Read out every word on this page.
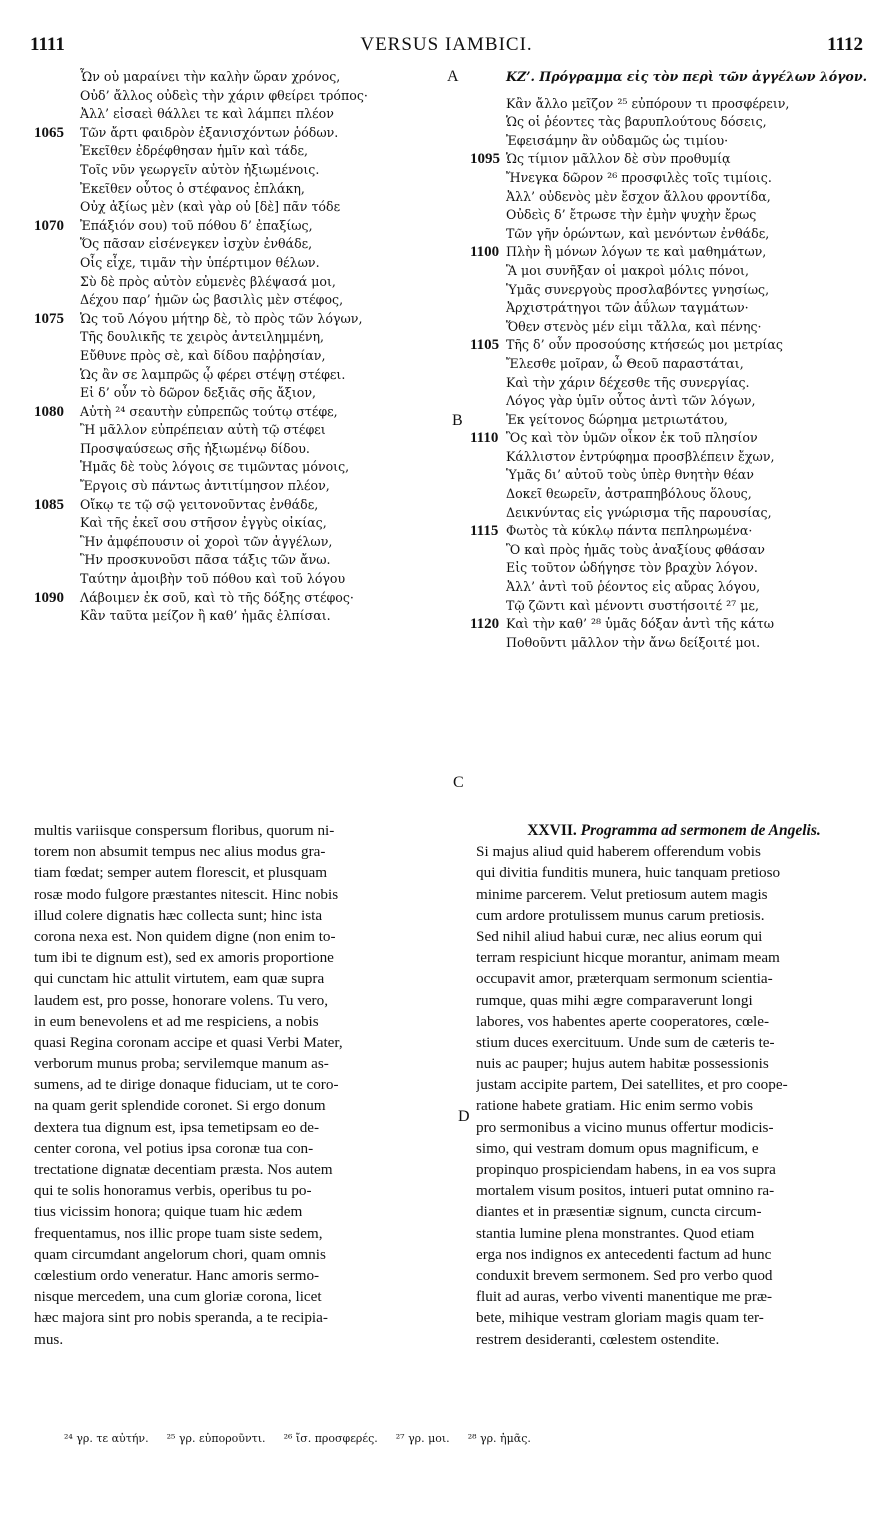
1111	VERSUS IAMBICI.	1112
Ὧν οὐ μαραίνει τὴν καλὴν ὥραν χρόνος,
Οὐδ’ ἄλλος οὐδεὶς τὴν χάριν φθείρει τρόπος·
Ἀλλ’ εἰσαεὶ θάλλει τε καὶ λάμπει πλέον
1065	Τῶν ἄρτι φαιδρὸν ἐξανισχόντων ῥόδων.
Ἐκεῖθεν ἐδρέφθησαν ἡμῖν καὶ τάδε,
Τοῖς νῦν γεωργεῖν αὐτὸν ἠξιωμένοις.
Ἐκεῖθεν οὗτος ὁ στέφανος ἐπλάκη,
Οὐχ ἀξίως μὲν (καὶ γὰρ οὐ [δὲ] πᾶν τόδε
1070	Ἐπάξιόν σου) τοῦ πόθου δ’ ἐπαξίως,
Ὅς πᾶσαν εἰσένεγκεν ἰσχὺν ἐνθάδε,
Οἷς εἶχε, τιμᾶν τὴν ὑπέρτιμον θέλων.
Σὺ δὲ πρὸς αὐτὸν εὐμενὲς βλέψασά μοι,
Δέχου παρ’ ἡμῶν ὡς βασιλὶς μὲν στέφος,
1075	Ὡς τοῦ Λόγου μήτηρ δὲ, τὸ πρὸς τῶν λόγων,
Τῆς δουλικῆς τε χειρὸς ἀντειλημμένη,
Εὔθυνε πρὸς σὲ, καὶ δίδου παῤῥησίαν,
Ὡς ἂν σε λαμπρῶς ᾧ φέρει στέψῃ στέφει.
Εἰ δ’ οὖν τὸ δῶρον δεξιᾶς σῆς ἄξιον,
1080	Αὐτὴ ²⁴ σεαυτὴν εὐπρεπῶς τούτῳ στέφε,
Ἢ μᾶλλον εὐπρέπειαν αὐτὴ τῷ στέφει
Προσψαύσεως σῆς ἠξιωμένῳ δίδου.
Ἡμᾶς δὲ τοὺς λόγοις σε τιμῶντας μόνοις,
Ἔργοις σὺ πάντως ἀντιτίμησον πλέον,
1085	Οἴκῳ τε τῷ σῷ γειτονοῦντας ἐνθάδε,
Καὶ τῆς ἐκεῖ σου στῆσον ἐγγὺς οἰκίας,
Ἣν ἀμφέπουσιν οἱ χοροὶ τῶν ἀγγέλων,
Ἣν προσκυνοῦσι πᾶσα τάξις τῶν ἄνω.
Ταύτην ἀμοιβὴν τοῦ πόθου καὶ τοῦ λόγου
1090	Λάβοιμεν ἐκ σοῦ, καὶ τὸ τῆς δόξης στέφος·
Κἂν ταῦτα μείζον ἢ καθ’ ἡμᾶς ἐλπίσαι.
ΚΖ’. Πρόγραμμα εἰς τὸν περὶ τῶν ἀγγέλων λόγον.
Κἂν ἄλλο μεῖζον ²⁵ εὐπόρουν τι προσφέρειν,
Ὡς οἱ ῥέοντες τὰς βαρυπλούτους δόσεις,
Ἐφεισάμην ἂν οὐδαμῶς ὡς τιμίου·
1095 Ὡς τίμιον μᾶλλον δὲ σὺν προθυμίᾳ
Ἤνεγκα δῶρον ²⁶ προσφιλὲς τοῖς τιμίοις.
Ἀλλ’ οὐδενὸς μὲν ἔσχον ἄλλου φροντίδα,
Οὐδεὶς δ’ ἔτρωσε τὴν ἐμὴν ψυχὴν ἔρως
Τῶν γῆν ὁρώντων, καὶ μενόντων ἐνθάδε,
1100 Πλὴν ἢ μόνων λόγων τε καὶ μαθημάτων,
Ἃ μοι συνῆξαν οἱ μακροὶ μόλις πόνοι,
Ὑμᾶς συνεργοὺς προσλαβόντες γνησίως,
Ἀρχιστράτηγοι τῶν ἀΰλων ταγμάτων·
Ὅθεν στενὸς μέν εἰμι τἄλλα, καὶ πένης·
1105 Τῆς δ’ οὖν προσούσης κτήσεώς μοι μετρίας
Ἔλεσθε μοῖραν, ὦ Θεοῦ παραστάται,
Καὶ τὴν χάριν δέχεσθε τῆς συνεργίας.
Λόγος γὰρ ὑμῖν οὗτος ἀντὶ τῶν λόγων,
Ἐκ γείτονος δώρημα μετριωτάτου,
1110 Ὃς καὶ τὸν ὑμῶν οἶκον ἐκ τοῦ πλησίον
Κάλλιστον ἐντρύφημα προσβλέπειν ἔχων,
Ὑμᾶς δι’ αὐτοῦ τοὺς ὑπὲρ θνητὴν θέαν
Δοκεῖ θεωρεῖν, ἀστραπηβόλους ὅλους,
Δεικνύντας εἰς γνώρισμα τῆς παρουσίας,
1115 Φωτὸς τὰ κύκλῳ πάντα πεπληρωμένα·
Ὃ καὶ πρὸς ἡμᾶς τοὺς ἀναξίους φθάσαν
Εἰς τοῦτον ὡδήγησε τὸν βραχὺν λόγον.
Ἀλλ’ ἀντὶ τοῦ ῥέοντος εἰς αὔρας λόγου,
Τῷ ζῶντι καὶ μένοντι συστήσοιτέ ²⁷ με,
1120 Καὶ τὴν καθ’ ²⁸ ὑμᾶς δόξαν ἀντὶ τῆς κάτω
Ποθοῦντι μᾶλλον τὴν ἄνω δείξοιτέ μοι.
A
B
C
D
multis variisque conspersum floribus, quorum ni-
torem non absumit tempus nec alius modus gra-
tiam fœdat; semper autem florescit, et plusquam
rosæ modo fulgore præstantes nitescit. Hinc nobis
illud colere dignatis hæc collecta sunt; hinc ista
corona nexa est. Non quidem digne (non enim to-
tum ibi te dignum est), sed ex amoris proportione
qui cunctam hic attulit virtutem, eam quæ supra
laudem est, pro posse, honorare volens. Tu vero,
in eum benevolens et ad me respiciens, a nobis
quasi Regina coronam accipe et quasi Verbi Mater,
verborum munus proba; servilemque manum as-
sumens, ad te dirige donaque fiduciam, ut te coro-
na quam gerit splendide coronet. Si ergo donum
dextera tua dignum est, ipsa temetipsam eo de-
center corona, vel potius ipsa coronæ tua con-
trectatione dignatæ decentiam præsta. Nos autem
qui te solis honoramus verbis, operibus tu po-
tius vicissim honora; quique tuam hic ædem
frequentamus, nos illic prope tuam siste sedem,
quam circumdant angelorum chori, quam omnis
cœlestium ordo veneratur. Hanc amoris sermo-
nisque mercedem, una cum gloriæ corona, licet
hæc majora sint pro nobis speranda, a te recipia-
mus.
XXVII. Programma ad sermonem de Angelis.
Si majus aliud quid haberem offerendum vobis
qui divitia funditis munera, huic tanquam pretioso
minime parcerem. Velut pretiosum autem magis
cum ardore protulissem munus carum pretiosis.
Sed nihil aliud habui curæ, nec alius eorum qui
terram respiciunt hicque morantur, animam meam
occupavit amor, præterquam sermonum scientia-
rumque, quas mihi ægre comparaverunt longi
labores, vos habentes aperte cooperatores, cœle-
stium duces exercituum. Unde sum de cæteris te-
nuis ac pauper; hujus autem habitæ possessionis
justam accipite partem, Dei satellites, et pro coope-
ratione habete gratiam. Hic enim sermo vobis
pro sermonibus a vicino munus offertur modicis-
simo, qui vestram domum opus magnificum, e
propinquo prospiciendam habens, in ea vos supra
mortalem visum positos, intueri putat omnino ra-
diantes et in præsentiæ signum, cuncta circum-
stantia lumine plena monstrantes. Quod etiam
erga nos indignos ex antecedenti factum ad hunc
conduxit brevem sermonem. Sed pro verbo quod
fluit ad auras, verbo viventi manentique me præ-
bete, mihique vestram gloriam magis quam ter-
restrem desideranti, cœlestem ostendite.
²⁴ γρ. τε αὐτήν. ²⁵ γρ. εὐποροῦντι. ²⁶ ἴσ. προσφερές. ²⁷ γρ. μοι. ²⁸ γρ. ἡμᾶς.
